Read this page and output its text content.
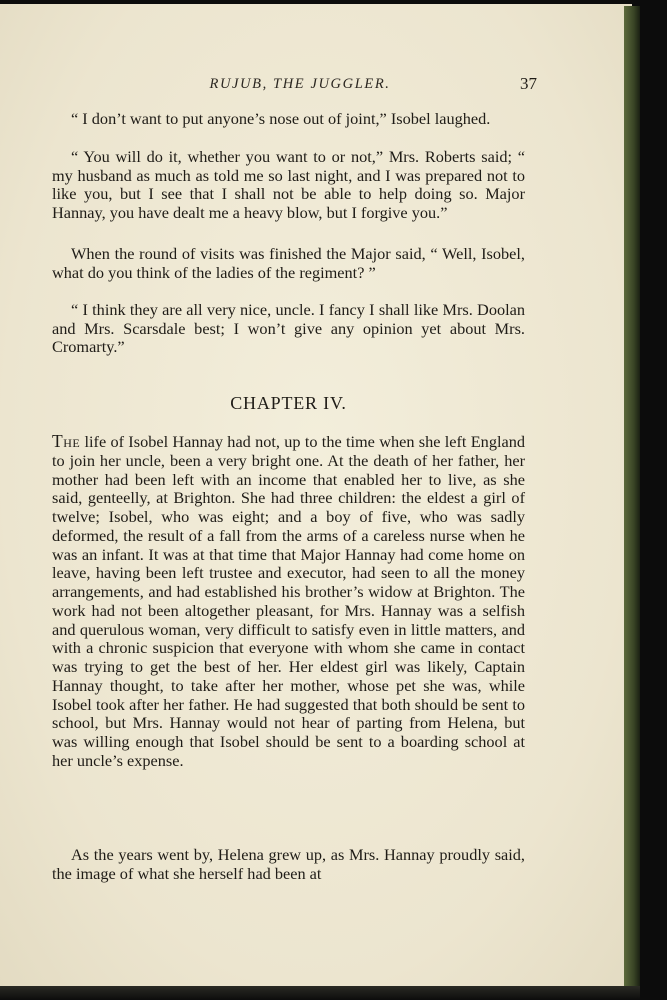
RUJUB, THE JUGGLER.	37

“ I don’t want to put anyone’s nose out of joint,” Isobel laughed.

“ You will do it, whether you want to or not,” Mrs. Roberts said; “ my husband as much as told me so last night, and I was prepared not to like you, but I see that I shall not be able to help doing so. Major Hannay, you have dealt me a heavy blow, but I forgive you.”

When the round of visits was finished the Major said, “ Well, Isobel, what do you think of the ladies of the regiment? ”

“ I think they are all very nice, uncle. I fancy I shall like Mrs. Doolan and Mrs. Scarsdale best; I won’t give any opinion yet about Mrs. Cromarty.”

CHAPTER IV.

The life of Isobel Hannay had not, up to the time when she left England to join her uncle, been a very bright one. At the death of her father, her mother had been left with an income that enabled her to live, as she said, genteelly, at Brighton. She had three children: the eldest a girl of twelve; Isobel, who was eight; and a boy of five, who was sadly deformed, the result of a fall from the arms of a careless nurse when he was an infant. It was at that time that Major Hannay had come home on leave, having been left trustee and executor, had seen to all the money arrangements, and had established his brother’s widow at Brighton. The work had not been altogether pleasant, for Mrs. Hannay was a selfish and querulous woman, very difficult to satisfy even in little matters, and with a chronic suspicion that everyone with whom she came in contact was trying to get the best of her. Her eldest girl was likely, Captain Hannay thought, to take after her mother, whose pet she was, while Isobel took after her father. He had suggested that both should be sent to school, but Mrs. Hannay would not hear of parting from Helena, but was willing enough that Isobel should be sent to a boarding school at her uncle’s expense.

As the years went by, Helena grew up, as Mrs. Hannay proudly said, the image of what she herself had been at
